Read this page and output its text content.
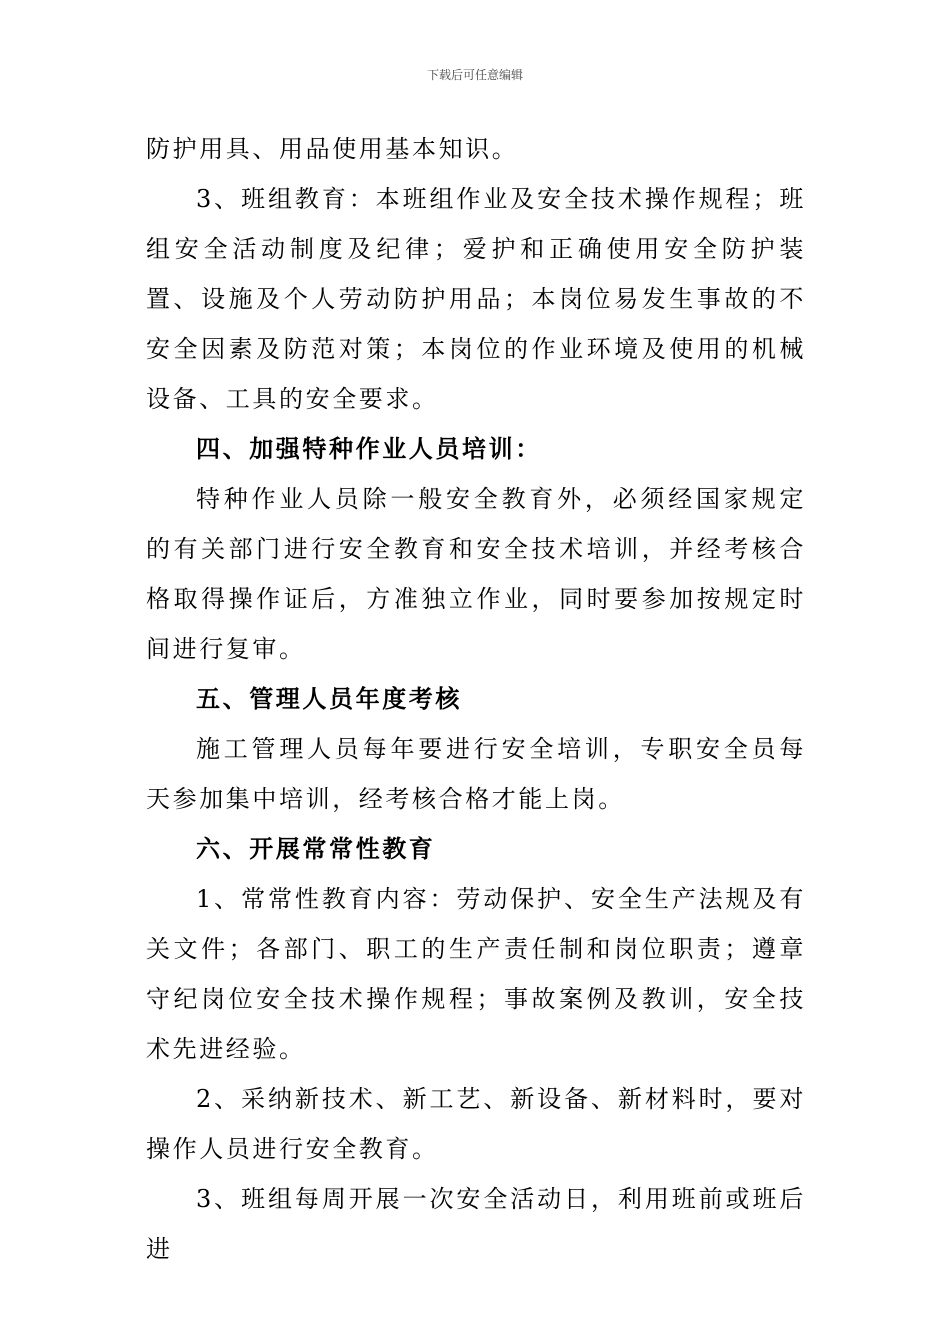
下载后可任意编辑

防护用具、用品使用基本知识。

3、班组教育：本班组作业及安全技术操作规程；班组安全活动制度及纪律；爱护和正确使用安全防护装置、设施及个人劳动防护用品；本岗位易发生事故的不安全因素及防范对策；本岗位的作业环境及使用的机械设备、工具的安全要求。

四、加强特种作业人员培训：

特种作业人员除一般安全教育外，必须经国家规定的有关部门进行安全教育和安全技术培训，并经考核合格取得操作证后，方准独立作业，同时要参加按规定时间进行复审。

五、管理人员年度考核

施工管理人员每年要进行安全培训，专职安全员每天参加集中培训，经考核合格才能上岗。

六、开展常常性教育

1、常常性教育内容：劳动保护、安全生产法规及有关文件；各部门、职工的生产责任制和岗位职责；遵章守纪岗位安全技术操作规程；事故案例及教训，安全技术先进经验。

2、采纳新技术、新工艺、新设备、新材料时，要对操作人员进行安全教育。

3、班组每周开展一次安全活动日，利用班前或班后进
